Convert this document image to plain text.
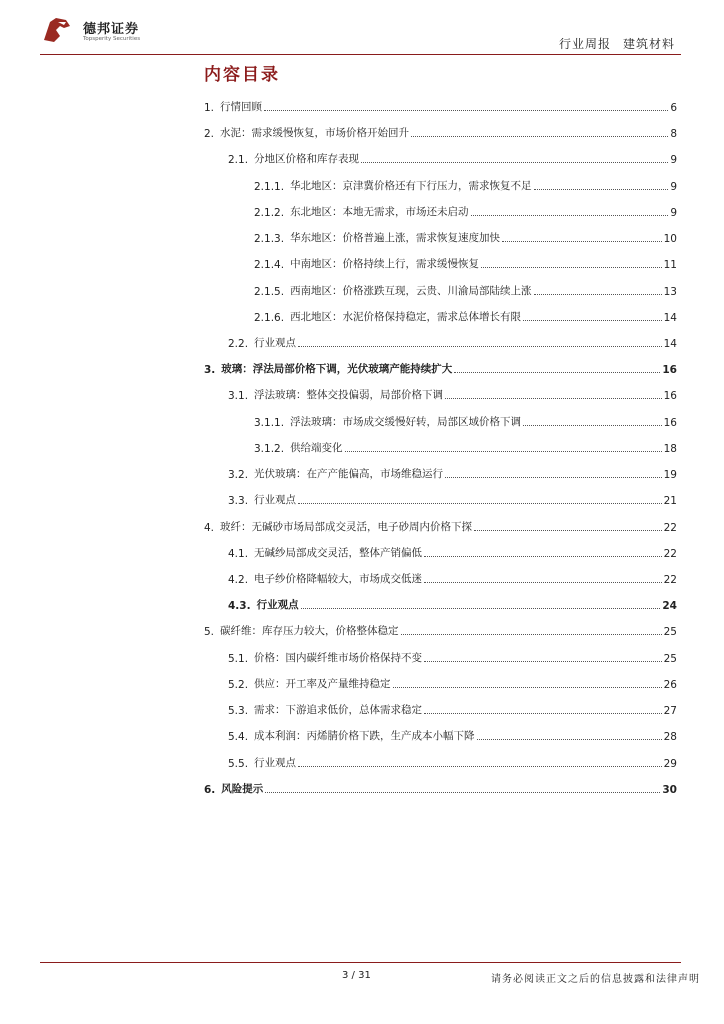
德邦证券
Topsperity Securities	行业周报 建筑材料
内容目录
1. 行情回顾	6
2. 水泥：需求缓慢恢复，市场价格开始回升	8
2.1. 分地区价格和库存表现	9
2.1.1. 华北地区：京津冀价格还有下行压力，需求恢复不足	9
2.1.2. 东北地区：本地无需求，市场还未启动	9
2.1.3. 华东地区：价格普遍上涨，需求恢复速度加快	10
2.1.4. 中南地区：价格持续上行，需求缓慢恢复	11
2.1.5. 西南地区：价格涨跌互现，云贵、川渝局部陆续上涨	13
2.1.6. 西北地区：水泥价格保持稳定，需求总体增长有限	14
2.2. 行业观点	14
3. 玻璃：浮法局部价格下调，光伏玻璃产能持续扩大	16
3.1. 浮法玻璃：整体交投偏弱，局部价格下调	16
3.1.1. 浮法玻璃：市场成交缓慢好转，局部区域价格下调	16
3.1.2. 供给端变化	18
3.2. 光伏玻璃：在产产能偏高，市场维稳运行	19
3.3. 行业观点	21
4. 玻纤：无碱砂市场局部成交灵活，电子砂周内价格下探	22
4.1. 无碱纱局部成交灵活，整体产销偏低	22
4.2. 电子纱价格降幅较大，市场成交低迷	22
4.3. 行业观点	24
5. 碳纤维：库存压力较大，价格整体稳定	25
5.1. 价格：国内碳纤维市场价格保持不变	25
5.2. 供应：开工率及产量维持稳定	26
5.3. 需求：下游追求低价，总体需求稳定	27
5.4. 成本利润：丙烯腈价格下跌，生产成本小幅下降	28
5.5. 行业观点	29
6. 风险提示	30
3 / 31	请务必阅读正文之后的信息披露和法律声明
